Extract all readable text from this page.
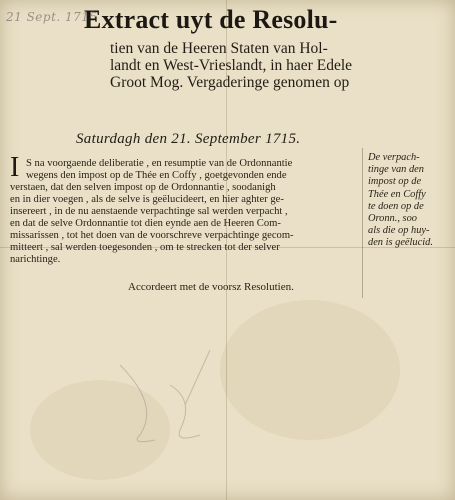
21 Sept. 1715
Extract uyt de Resolu-

tien van de Heeren Staten van Hol- landt en West-Vrieslandt, in haer Edele Groot Mog. Vergaderinge genomen op

Saturdagh den 21. September 1715.
I S na voorgaende deliberatie , en resumptie van de Ordonnantie
wegens den impost op de Thée en Coffy , goetgevonden ende
verstaen, dat den selven impost op de Ordonnantie , soodanigh
en in dier voegen , als de selve is geëlucideert, en hier aghter ge-
insereert , in de nu aenstaende verpachtinge sal werden verpacht ,
en dat de selve Ordonnantie tot dien eynde aen de Heeren Com-
missarissen , tot het doen van de voorschreve verpachtinge gecom-
mitteert , sal werden toegesonden , om te strecken tot der selver
narichtinge.
De verpach-
tinge van den
impost op de
Thée en Coffy
te doen op de
Oronn., soo
als die op huy-
den is geëlucid.
Accordeert met de voorsz Resolutien.
